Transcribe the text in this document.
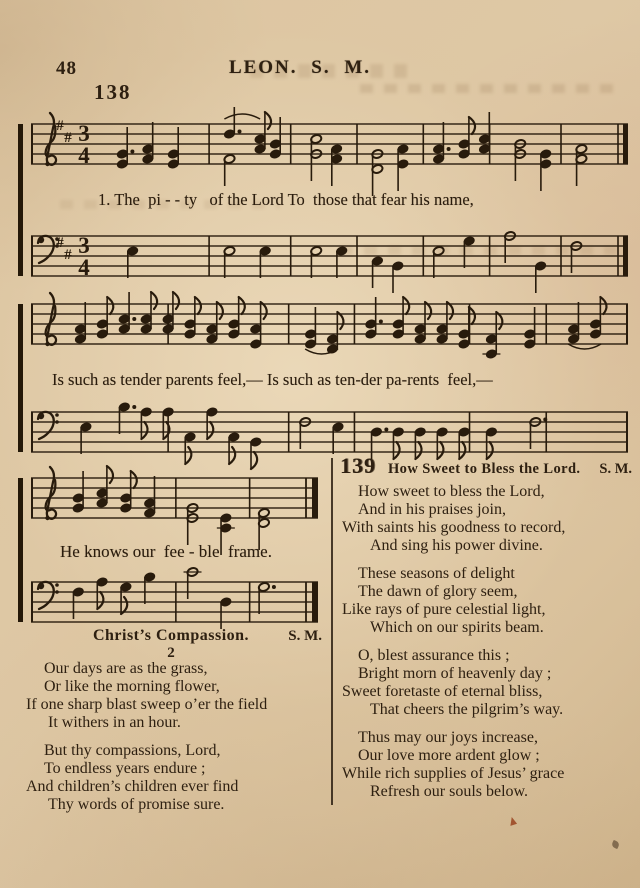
48	LEON. S. M.
138
#
# 3
4
1. The  pi - - ty   of the Lord To  those that fear his name,
#
# 3
4
Is such as tender parents feel,— Is such as ten-der pa-rents  feel,—
He knows our  fee - ble  frame.
Christ’s Compassion.	S. M.
2
Our days are as the grass,
Or like the morning flower,
If one sharp blast sweep o’er the field
It withers in an hour.
But thy compassions, Lord,
To endless years endure ;
And children’s children ever find
Thy words of promise sure.
139 How Sweet to Bless the Lord. S. M.
How sweet to bless the Lord,
And in his praises join,
With saints his goodness to record,
And sing his power divine.
These seasons of delight
The dawn of glory seem,
Like rays of pure celestial light,
Which on our spirits beam.
O, blest assurance this ;
Bright morn of heavenly day ;
Sweet foretaste of eternal bliss,
That cheers the pilgrim’s way.
Thus may our joys increase,
Our love more ardent glow ;
While rich supplies of Jesus’ grace
Refresh our souls below.
